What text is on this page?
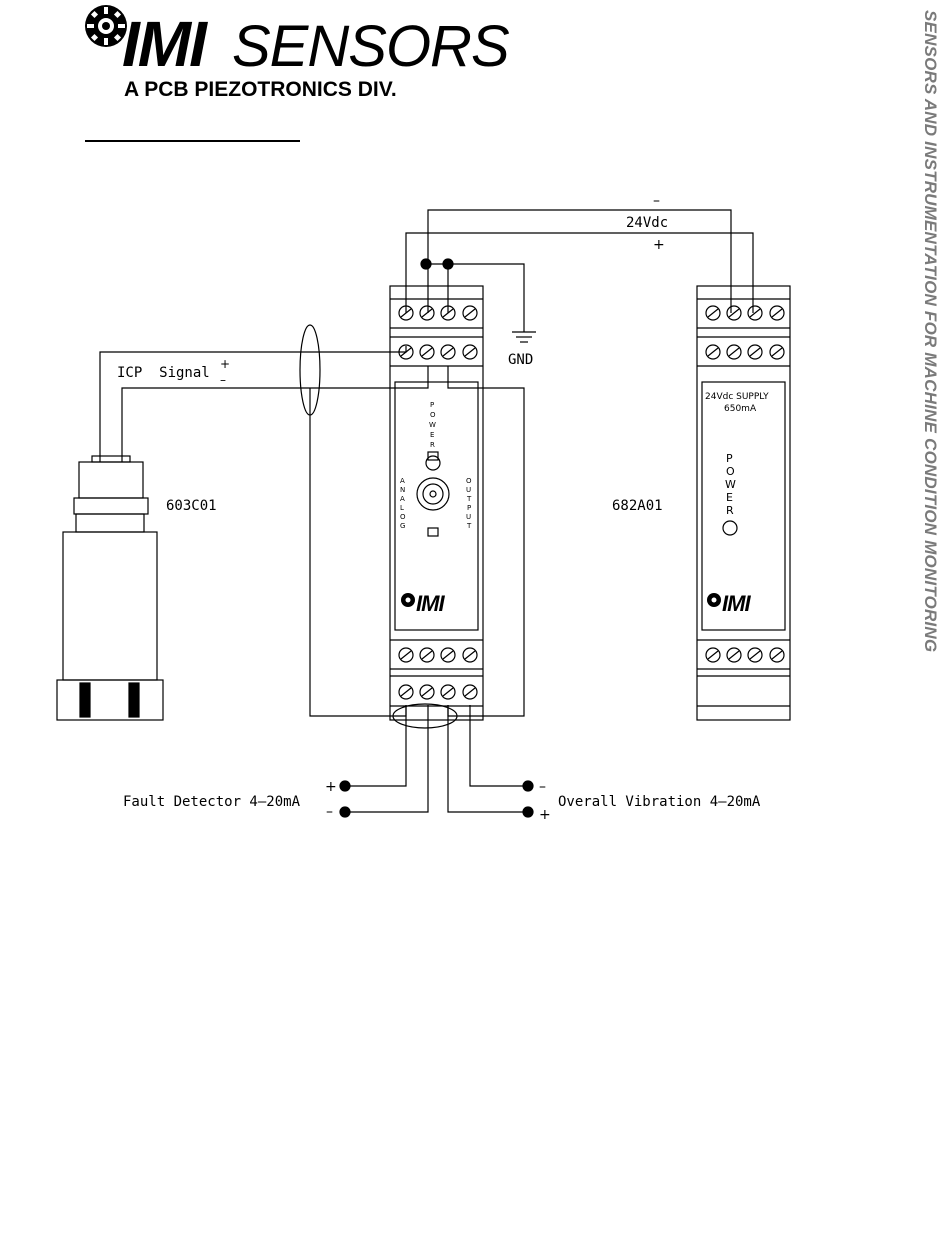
IMI SENSORS
A PCB PIEZOTRONICS DIV.	SENSORS AND INSTRUMENTATION FOR MACHINE CONDITION MONITORING
–
24Vdc
+
GND
ICP  Signal
+
–
603C01
P
O
W
E
R
A
N
A
L
O
G
O
U
T
P
U
T
IMI
24Vdc SUPPLY
650mA
P
O
W
E
R
682A01
IMI
+
Fault Detector 4–20mA
–
–
Overall Vibration 4–20mA
+
